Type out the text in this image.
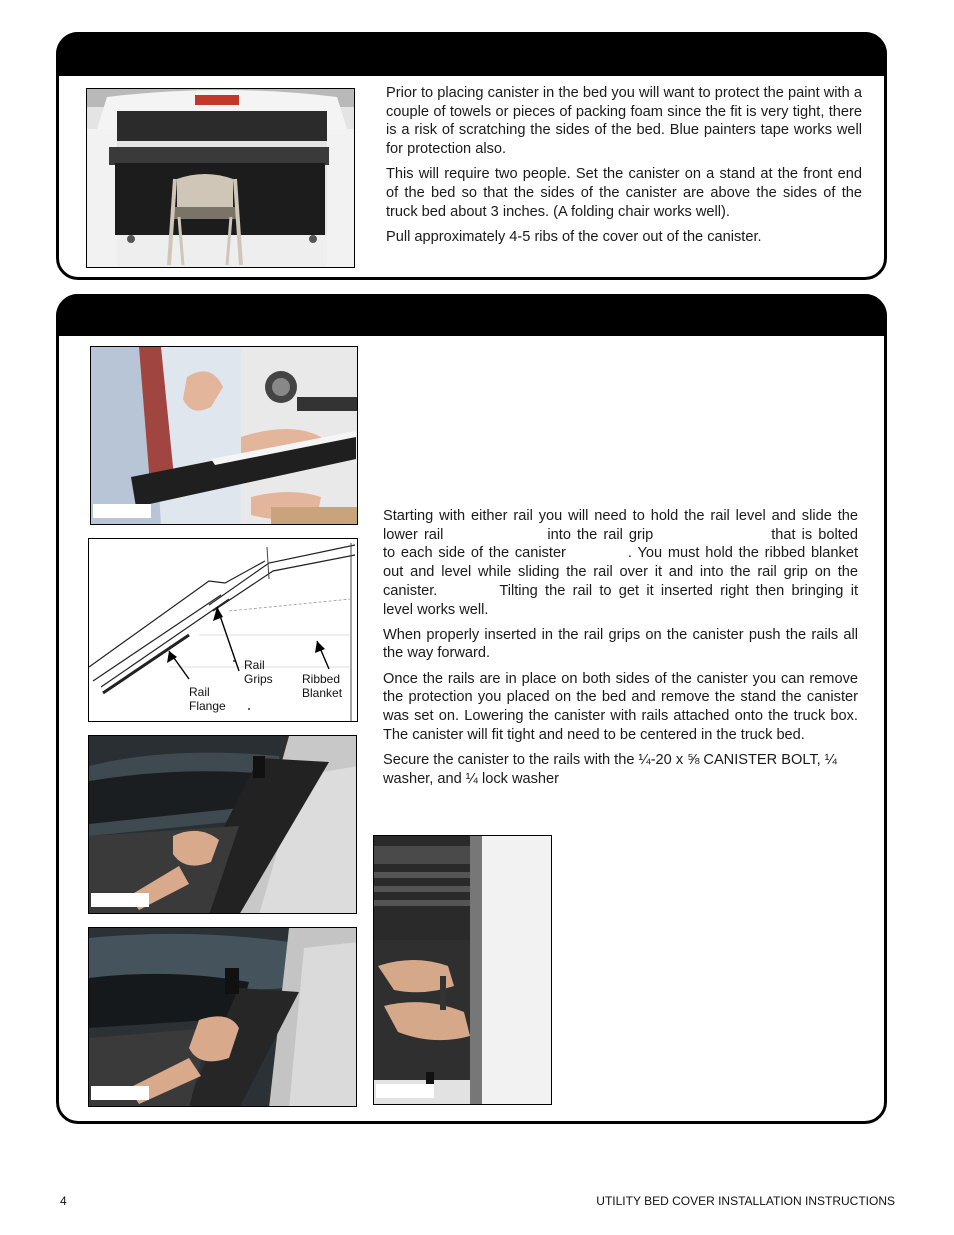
Prior to placing canister in the bed you will want to protect the paint with a couple of towels or pieces of packing foam since the fit is very tight, there is a risk of scratching the sides of the bed. Blue painters tape works well for protection also.

This will require two people. Set the canister on a stand at the front end of the bed so that the sides of the canister are above the sides of the truck bed about 3 inches. (A folding chair works well).

Pull approximately 4-5 ribs of the cover out of the canister.

Rail
Grips Ribbed
Blanket
Rail
Flange

Starting with either rail you will need to hold the rail level and slide the lower rail	into the rail grip	that is bolted to each side of the canister	. You must hold the ribbed blanket out and level while sliding the rail over it and into the rail grip on the canister.	Tilting the rail to get it inserted right then bringing it level works well.

When properly inserted in the rail grips on the canister push the rails all the way forward.

Once the rails are in place on both sides of the canister you can remove the protection you placed on the bed and remove the stand the canister was set on. Lowering the canister with rails attached onto the truck box. The canister will fit tight and need to be centered in the truck bed.

Secure the canister to the rails with the ¼-20 x ⅝ CANISTER BOLT, ¼ washer, and ¼ lock washer

4	UTILITY BED COVER INSTALLATION INSTRUCTIONS
